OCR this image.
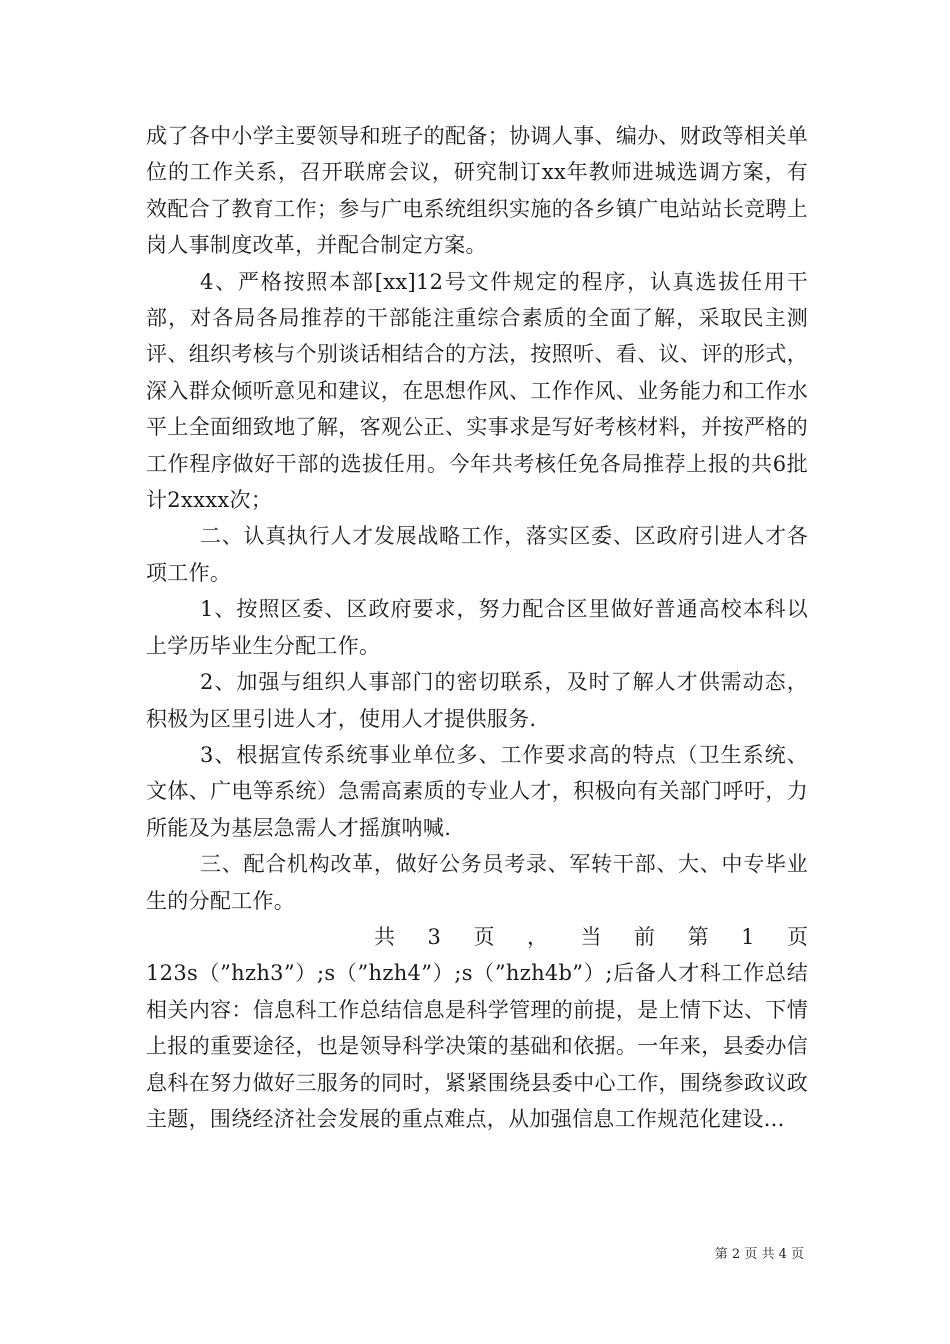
成了各中小学主要领导和班子的配备；协调人事、编办、财政等相关单位的工作关系，召开联席会议，研究制订xx年教师进城选调方案，有效配合了教育工作；参与广电系统组织实施的各乡镇广电站站长竞聘上岗人事制度改革，并配合制定方案。

4、严格按照本部[xx]12号文件规定的程序，认真选拔任用干部，对各局各局推荐的干部能注重综合素质的全面了解，采取民主测评、组织考核与个别谈话相结合的方法，按照听、看、议、评的形式，深入群众倾听意见和建议，在思想作风、工作作风、业务能力和工作水平上全面细致地了解，客观公正、实事求是写好考核材料，并按严格的工作程序做好干部的选拔任用。今年共考核任免各局推荐上报的共6批计2xxxx次；

二、认真执行人才发展战略工作，落实区委、区政府引进人才各项工作。

1、按照区委、区政府要求，努力配合区里做好普通高校本科以上学历毕业生分配工作。

2、加强与组织人事部门的密切联系，及时了解人才供需动态，积极为区里引进人才，使用人才提供服务.

3、根据宣传系统事业单位多、工作要求高的特点（卫生系统、文体、广电等系统）急需高素质的专业人才，积极向有关部门呼吁，力所能及为基层急需人才摇旗呐喊.

三、配合机构改革，做好公务员考录、军转干部、大、中专毕业生的分配工作。

共 3 页 ， 当 前 第 1 页

123s（”hzh3”）;s（”hzh4”）;s（”hzh4b”）;后备人才科工作总结相关内容：信息科工作总结信息是科学管理的前提，是上情下达、下情上报的重要途径，也是领导科学决策的基础和依据。一年来，县委办信息科在努力做好三服务的同时，紧紧围绕县委中心工作，围绕参政议政主题，围绕经济社会发展的重点难点，从加强信息工作规范化建设...

第 2 页 共 4 页
